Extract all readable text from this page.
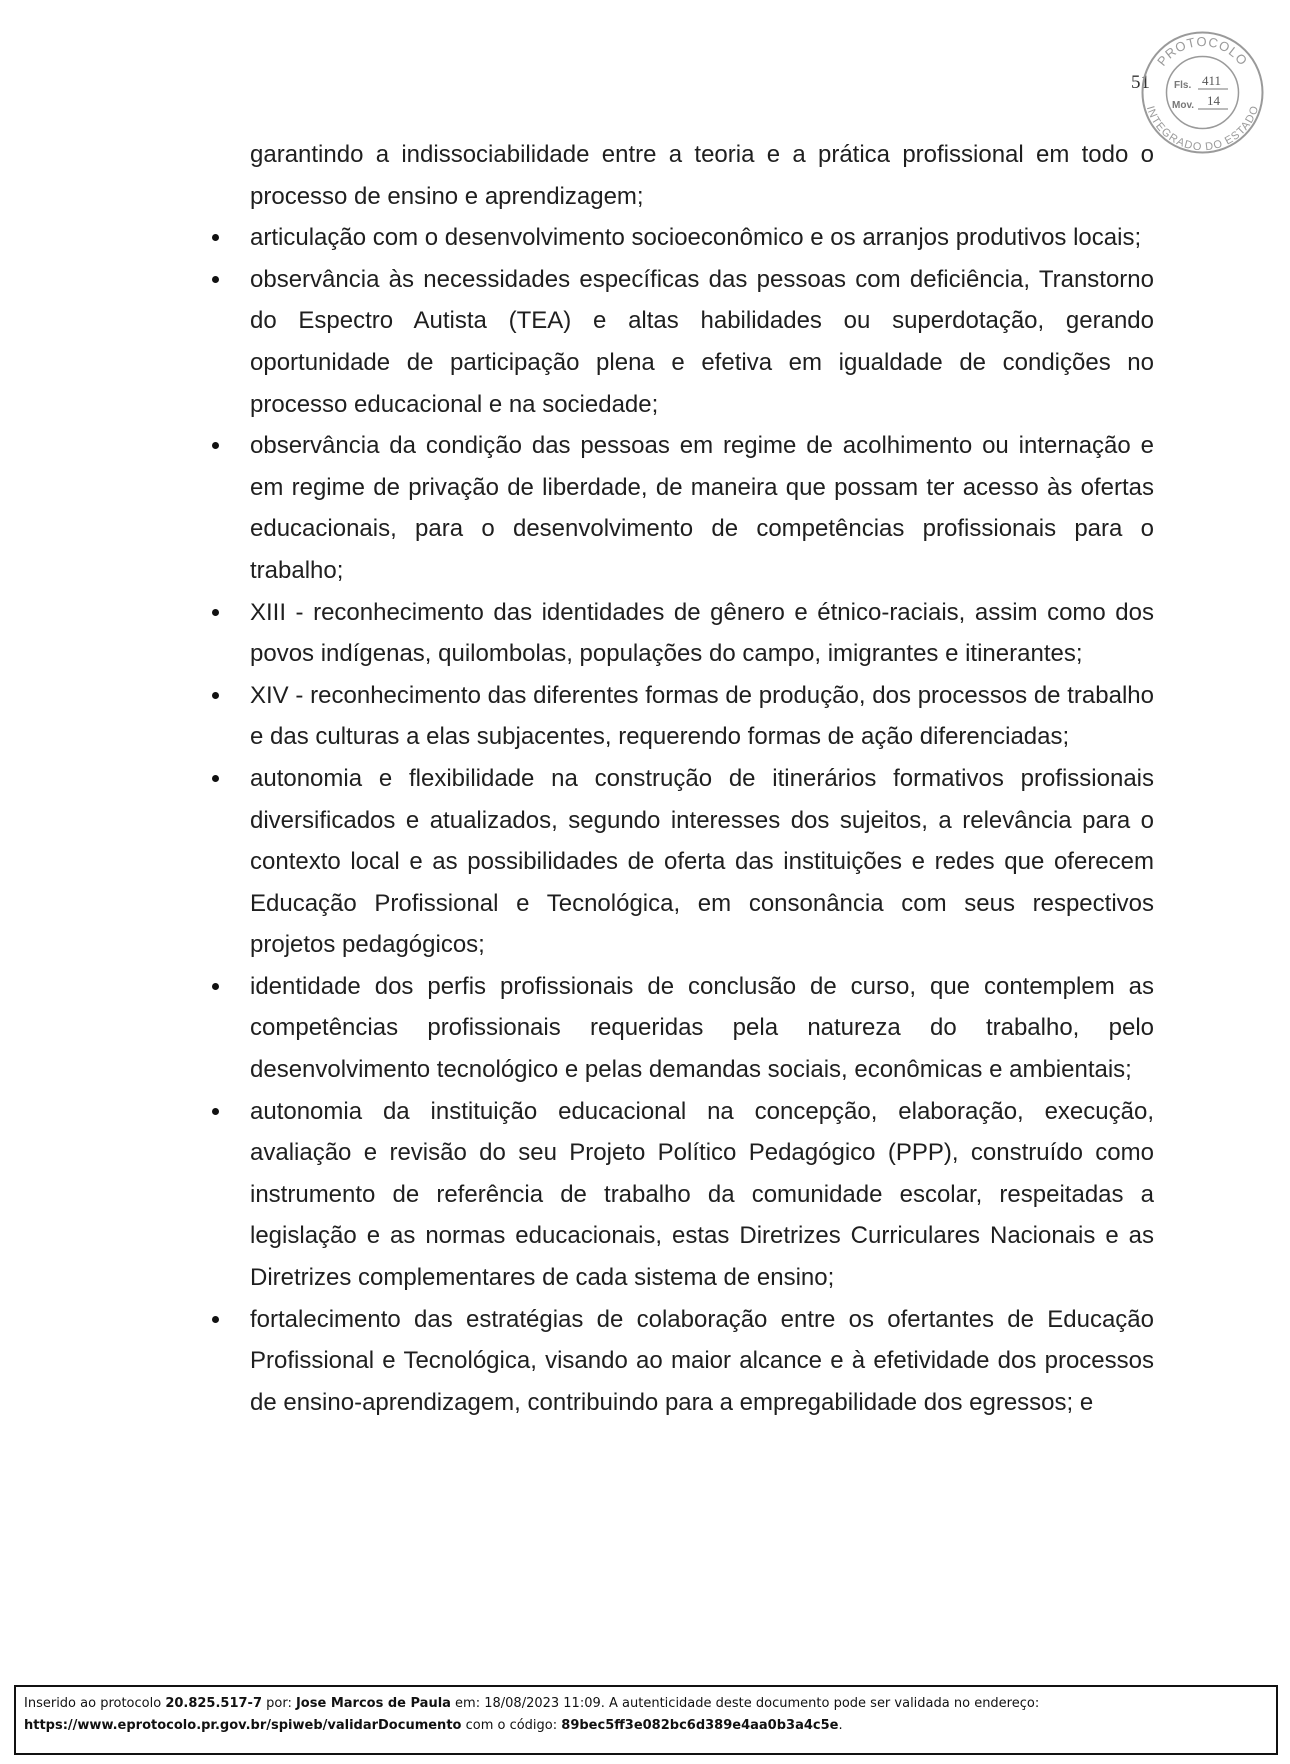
51
PROTOCOLO
INTEGRADO DO ESTADO
Fls. 411
Mov. 14

garantindo a indissociabilidade entre a teoria e a prática profissional em todo o processo de ensino e aprendizagem;

articulação com o desenvolvimento socioeconômico e os arranjos produtivos locais;
observância às necessidades específicas das pessoas com deficiência, Transtorno do Espectro Autista (TEA) e altas habilidades ou superdotação, gerando oportunidade de participação plena e efetiva em igualdade de condições no processo educacional e na sociedade;
observância da condição das pessoas em regime de acolhimento ou internação e em regime de privação de liberdade, de maneira que possam ter acesso às ofertas educacionais, para o desenvolvimento de competências profissionais para o trabalho;
XIII - reconhecimento das identidades de gênero e étnico-raciais, assim como dos povos indígenas, quilombolas, populações do campo, imigrantes e itinerantes;
XIV - reconhecimento das diferentes formas de produção, dos processos de trabalho e das culturas a elas subjacentes, requerendo formas de ação diferenciadas;
autonomia e flexibilidade na construção de itinerários formativos profissionais diversificados e atualizados, segundo interesses dos sujeitos, a relevância para o contexto local e as possibilidades de oferta das instituições e redes que oferecem Educação Profissional e Tecnológica, em consonância com seus respectivos projetos pedagógicos;
identidade dos perfis profissionais de conclusão de curso, que contemplem as competências profissionais requeridas pela natureza do trabalho, pelo desenvolvimento tecnológico e pelas demandas sociais, econômicas e ambientais;
autonomia da instituição educacional na concepção, elaboração, execução, avaliação e revisão do seu Projeto Político Pedagógico (PPP), construído como instrumento de referência de trabalho da comunidade escolar, respeitadas a legislação e as normas educacionais, estas Diretrizes Curriculares Nacionais e as Diretrizes complementares de cada sistema de ensino;
fortalecimento das estratégias de colaboração entre os ofertantes de Educação Profissional e Tecnológica, visando ao maior alcance e à efetividade dos processos de ensino-aprendizagem, contribuindo para a empregabilidade dos egressos; e
Inserido ao protocolo 20.825.517-7 por: Jose Marcos de Paula em: 18/08/2023 11:09. A autenticidade deste documento pode ser validada no endereço:
https://www.eprotocolo.pr.gov.br/spiweb/validarDocumento com o código: 89bec5ff3e082bc6d389e4aa0b3a4c5e.
